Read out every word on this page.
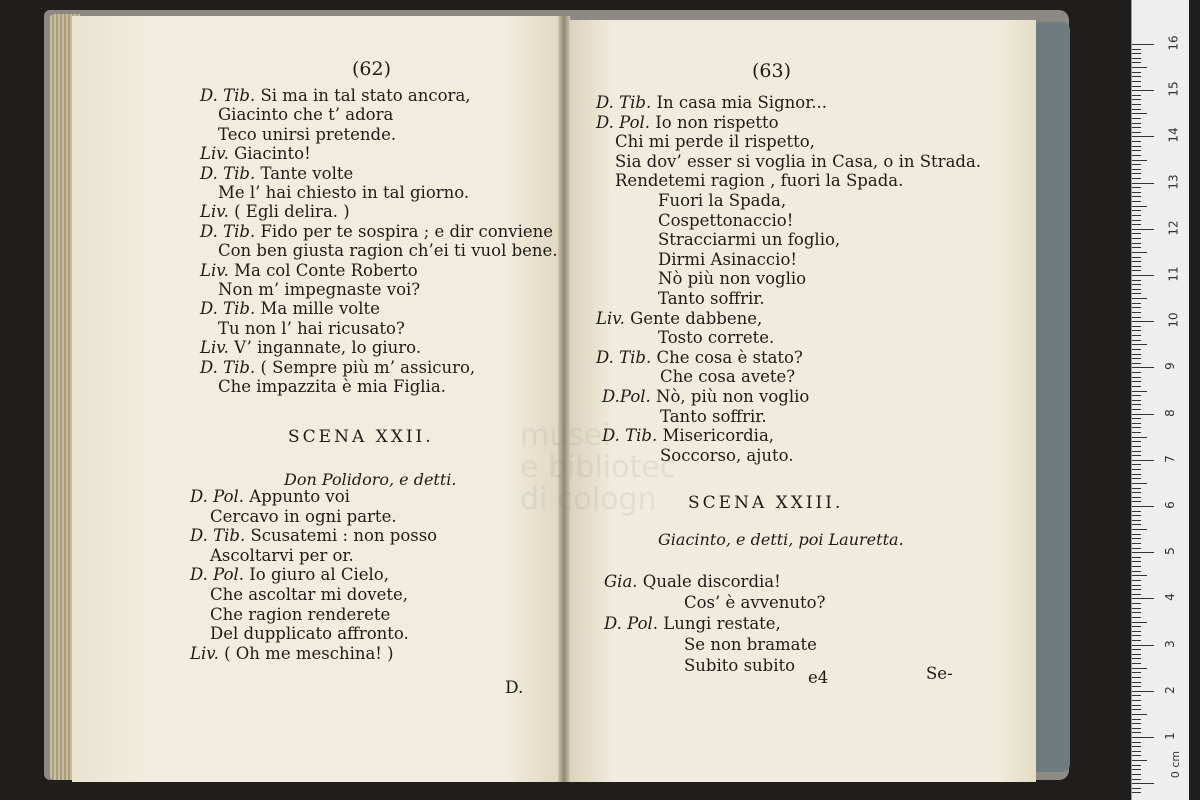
musei
e bibliotec
di cologn
(62)
D. Tib. Si ma in tal stato ancora,
Giacinto che t’ adora
Teco unirsi pretende.
Liv. Giacinto!
D. Tib. Tante volte
Me l’ hai chiesto in tal giorno.
Liv. ( Egli delira. )
D. Tib. Fido per te sospira ; e dir conviene
Con ben giusta ragion ch’ei ti vuol bene.
Liv. Ma col Conte Roberto
Non m’ impegnaste voi?
D. Tib. Ma mille volte
Tu non l’ hai ricusato?
Liv. V’ ingannate, lo giuro.
D. Tib. ( Sempre più m’ assicuro,
Che impazzita è mia Figlia.
SCENA XXII.
Don Polidoro, e detti.
D. Pol. Appunto voi
Cercavo in ogni parte.
D. Tib. Scusatemi : non posso
Ascoltarvi per or.
D. Pol. Io giuro al Cielo,
Che ascoltar mi dovete,
Che ragion renderete
Del dupplicato affronto.
Liv. ( Oh me meschina! )
D.
(63)
D. Tib. In casa mia Signor...
D. Pol. Io non rispetto
Chi mi perde il rispetto,
Sia dov’ esser si voglia in Casa, o in Strada.
Rendetemi ragion , fuori la Spada.
Fuori la Spada,
Cospettonaccio!
Stracciarmi un foglio,
Dirmi Asinaccio!
Nò più non voglio
Tanto soffrir.
Liv. Gente dabbene,
Tosto correte.
D. Tib. Che cosa è stato?
Che cosa avete?
D.Pol. Nò, più non voglio
Tanto soffrir.
D. Tib. Misericordia,
Soccorso, ajuto.
SCENA XXIII.
Giacinto, e detti, poi Lauretta.
Gia. Quale discordia!
Cos’ è avvenuto?
D. Pol. Lungi restate,
Se non bramate
Subito subito
e4	Se-
16
15
14
13
12
11
10
9
8
7
6
5
4
3
2
1
0 cm
